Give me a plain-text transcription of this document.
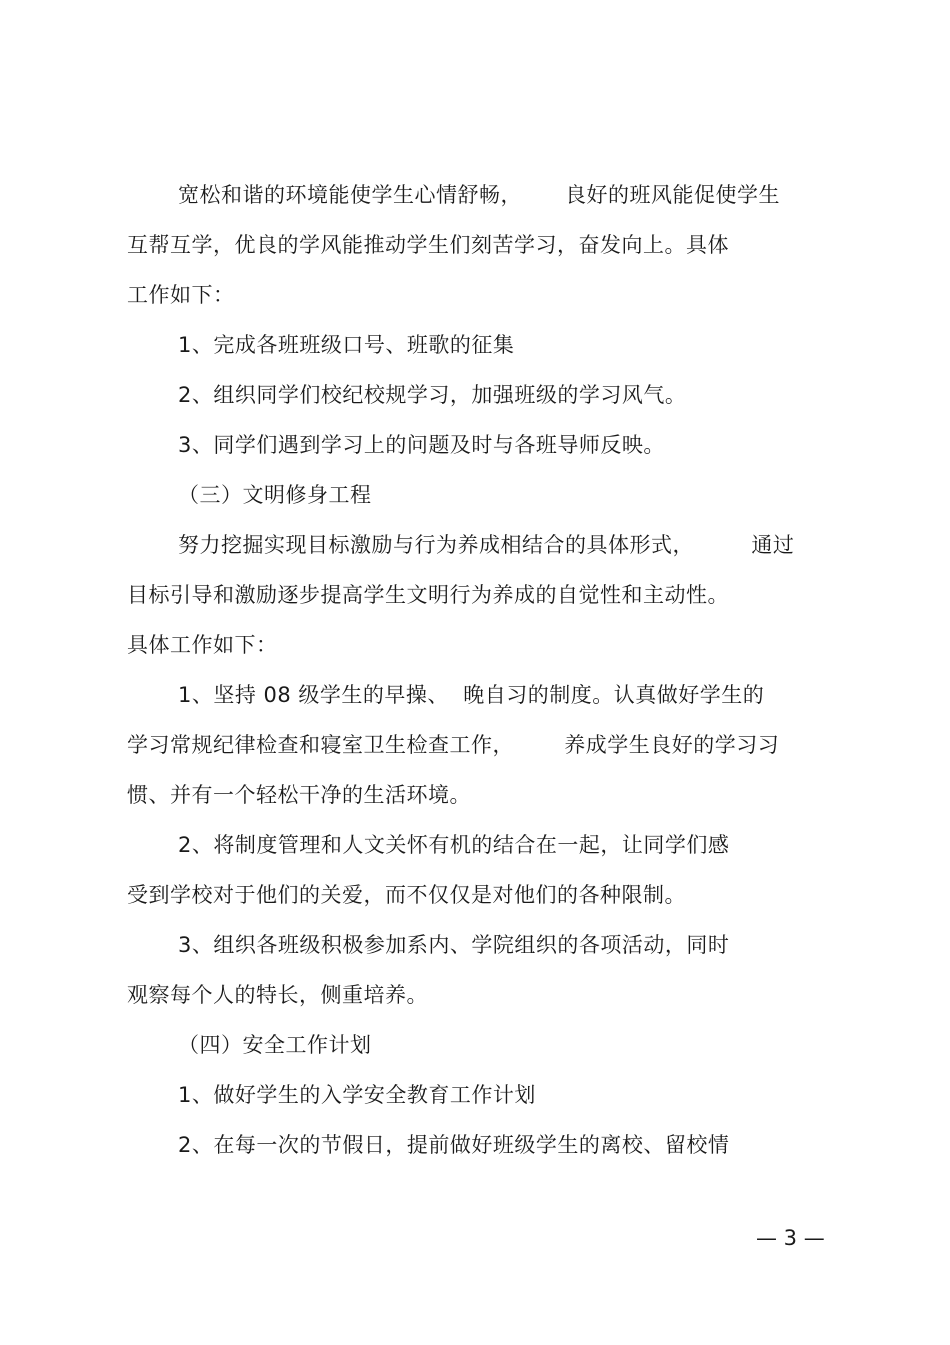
宽松和谐的环境能使学生心情舒畅，      良好的班风能促使学生
互帮互学，优良的学风能推动学生们刻苦学习，奋发向上。具体
工作如下：
1、完成各班班级口号、班歌的征集
2、组织同学们校纪校规学习，加强班级的学习风气。
3、同学们遇到学习上的问题及时与各班导师反映。
（三）文明修身工程
努力挖掘实现目标激励与行为养成相结合的具体形式，        通过
目标引导和激励逐步提高学生文明行为养成的自觉性和主动性。
具体工作如下：
1、坚持 08 级学生的早操、  晚自习的制度。认真做好学生的
学习常规纪律检查和寝室卫生检查工作，       养成学生良好的学习习
惯、并有一个轻松干净的生活环境。
2、将制度管理和人文关怀有机的结合在一起，让同学们感
受到学校对于他们的关爱，而不仅仅是对他们的各种限制。
3、组织各班级积极参加系内、学院组织的各项活动，同时
观察每个人的特长，侧重培养。
（四）安全工作计划
1、做好学生的入学安全教育工作计划
2、在每一次的节假日，提前做好班级学生的离校、留校情
— 3 —
